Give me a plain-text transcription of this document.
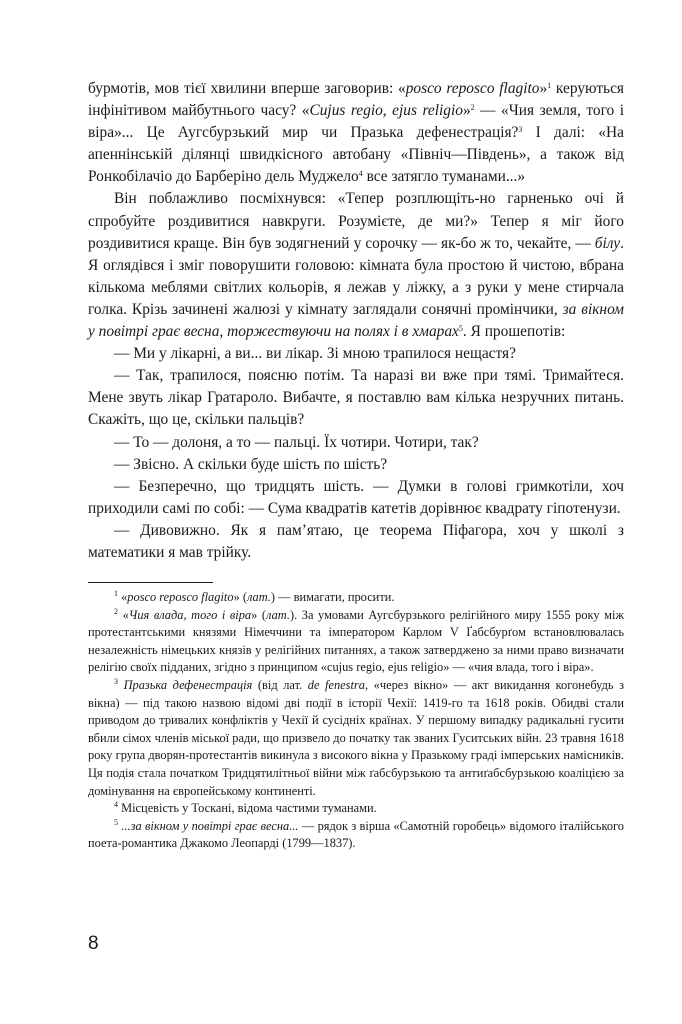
бурмотів, мов тієї хвилини вперше заговорив: «posco reposco flagito»$^1$ керуються інфінітивом майбутнього часу? «Cujus regio, ejus religio»$^2$ — «Чия земля, того і віра»... Це Аугсбурзький мир чи Празька дефенестрація?$^3$ І далі: «На апеннінській ділянці швидкісного автобану «Північ—Південь», а також від Ронкобілачіо до Барберіно дель Муджело$^4$ все затягло туманами...»

Він поблажливо посміхнувся: «Тепер розплющіть-но гарненько очі й спробуйте роздивитися навкруги. Розумієте, де ми?» Тепер я міг його роздивитися краще. Він був зодягнений у сорочку — як-бо ж то, чекайте, — білу. Я оглядівся і зміг поворушити головою: кімната була простою й чистою, вбрана кількома меблями світлих кольорів, я лежав у ліжку, а з руки у мене стирчала голка. Крізь зачинені жалюзі у кімнату заглядали сонячні промінчики, за вікном у повітрі грає весна, торжествуючи на полях і в хмарах$^5$. Я прошепотів:

— Ми у лікарні, а ви... ви лікар. Зі мною трапилося нещастя?

— Так, трапилося, поясню потім. Та наразі ви вже при тямі. Тримайтеся. Мене звуть лікар Гратароло. Вибачте, я поставлю вам кілька незручних питань. Скажіть, що це, скільки пальців?

— То — долоня, а то — пальці. Їх чотири. Чотири, так?

— Звісно. А скільки буде шість по шість?

— Безперечно, що тридцять шість. — Думки в голові гримкотіли, хоч приходили самі по собі: — Сума квадратів катетів дорівнює квадрату гіпотенузи.

— Дивовижно. Як я пам’ятаю, це теорема Піфагора, хоч у школі з математики я мав трійку.

$^1$ «posco reposco flagito» (лат.) — вимагати, просити.

$^2$ «Чия влада, того і віра» (лат.). За умовами Аугсбурзького релігійного миру 1555 року між протестантськими князями Німеччини та імператором Карлом V Ґабсбурґом встановлювалась незалежність німецьких князів у релігійних питаннях, а також затверджено за ними право визначати релігію своїх підданих, згідно з принципом «cujus regio, ejus religio» — «чия влада, того і віра».

$^3$ Празька дефенестрація (від лат. de fenestra, «через вікно» — акт викидання когонебудь з вікна) — під такою назвою відомі дві події в історії Чехії: 1419-го та 1618 років. Обидві стали приводом до тривалих конфліктів у Чехії й сусідніх країнах. У першому випадку радикальні гусити вбили сімох членів міської ради, що призвело до початку так званих Гуситських війн. 23 травня 1618 року група дворян-протестантів викинула з високого вікна у Празькому граді імперських намісників. Ця подія стала початком Тридцятилітньої війни між ґабсбурзькою та антиґабсбурзькою коаліцією за домінування на європейському континенті.

$^4$ Місцевість у Тоскані, відома частими туманами.

$^5$ ...за вікном у повітрі грає весна... — рядок з вірша «Самотній горобець» відомого італійського поета-романтика Джакомо Леопарді (1799—1837).

8
